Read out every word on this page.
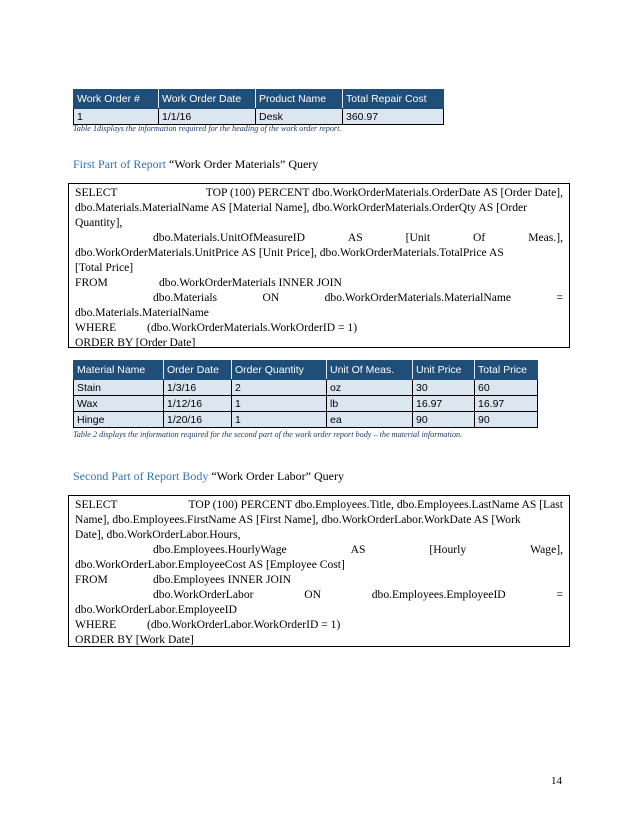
Work Order #	Work Order Date	Product Name	Total Repair Cost
1	1/1/16	Desk	360.97
Table 1displays the information required for the heading of the work order report.
First Part of Report “Work Order Materials” Query
SELECT	TOP (100) PERCENT dbo.WorkOrderMaterials.OrderDate AS [Order Date],
dbo.Materials.MaterialName AS [Material Name], dbo.WorkOrderMaterials.OrderQty AS [Order
Quantity],
dbo.Materials.UnitOfMeasureID	AS	[Unit	Of	Meas.],
dbo.WorkOrderMaterials.UnitPrice AS [Unit Price], dbo.WorkOrderMaterials.TotalPrice AS
[Total Price]
FROM	dbo.WorkOrderMaterials INNER JOIN
dbo.Materials	ON	dbo.WorkOrderMaterials.MaterialName	=
dbo.Materials.MaterialName
WHERE	(dbo.WorkOrderMaterials.WorkOrderID = 1)
ORDER BY [Order Date]
Material Name	Order Date	Order Quantity	Unit Of Meas.	Unit Price	Total Price
Stain	1/3/16	2	oz	30	60
Wax	1/12/16	1	lb	16.97	16.97
Hinge	1/20/16	1	ea	90	90
Table 2 displays the information required for the second part of the work order report body – the material information.
Second Part of Report Body “Work Order Labor” Query
SELECT	TOP (100) PERCENT dbo.Employees.Title, dbo.Employees.LastName AS [Last
Name], dbo.Employees.FirstName AS [First Name], dbo.WorkOrderLabor.WorkDate AS [Work
Date], dbo.WorkOrderLabor.Hours,
dbo.Employees.HourlyWage	AS	[Hourly	Wage],
dbo.WorkOrderLabor.EmployeeCost AS [Employee Cost]
FROM	dbo.Employees INNER JOIN
dbo.WorkOrderLabor	ON	dbo.Employees.EmployeeID	=
dbo.WorkOrderLabor.EmployeeID
WHERE	(dbo.WorkOrderLabor.WorkOrderID = 1)
ORDER BY [Work Date]
14
